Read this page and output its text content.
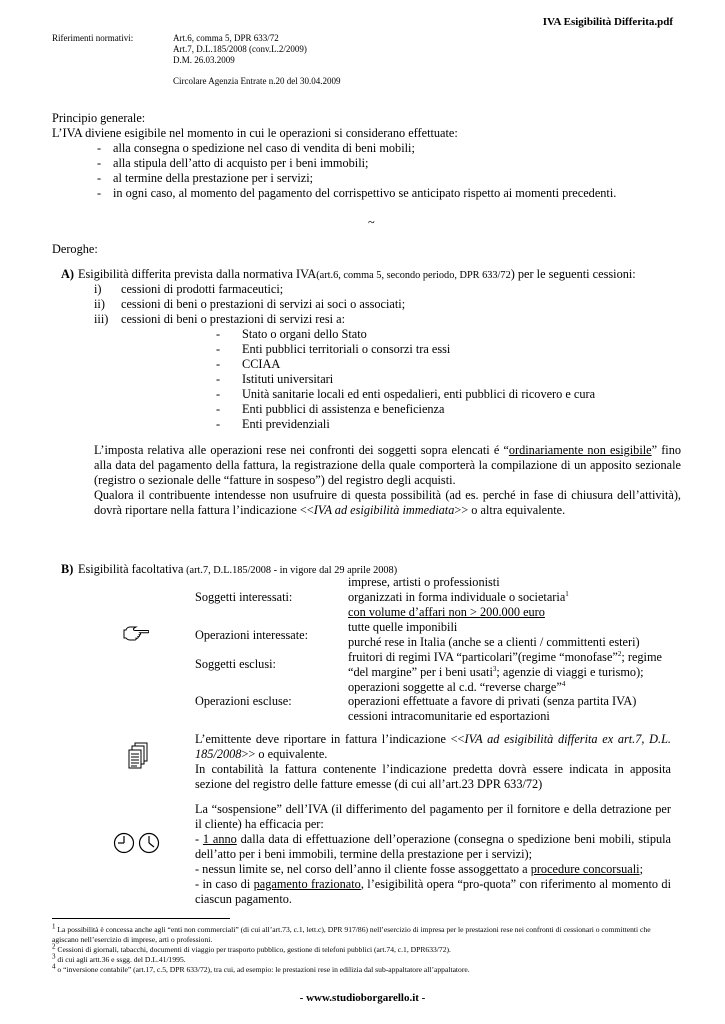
IVA Esigibilità Differita.pdf
Riferimenti normativi:	Art.6, comma 5, DPR 633/72
Art.7, D.L.185/2008 (conv.L.2/2009)
D.M. 26.03.2009
Circolare Agenzia Entrate n.20 del 30.04.2009
Principio generale:
L’IVA diviene esigibile nel momento in cui le operazioni si considerano effettuate:
- alla consegna o spedizione nel caso di vendita di beni mobili;
- alla stipula dell’atto di acquisto per i beni immobili;
- al termine della prestazione per i servizi;
- in ogni caso, al momento del pagamento del corrispettivo se anticipato rispetto ai momenti precedenti.
~
Deroghe:
A) Esigibilità differita prevista dalla normativa IVA(art.6, comma 5, secondo periodo, DPR 633/72) per le seguenti cessioni:
i) cessioni di prodotti farmaceutici;
ii) cessioni di beni o prestazioni di servizi ai soci o associati;
iii) cessioni di beni o prestazioni di servizi resi a:
- Stato o organi dello Stato
- Enti pubblici territoriali o consorzi tra essi
- CCIAA
- Istituti universitari
- Unità sanitarie locali ed enti ospedalieri, enti pubblici di ricovero e cura
- Enti pubblici di assistenza e beneficienza
- Enti previdenziali
L’imposta relativa alle operazioni rese nei confronti dei soggetti sopra elencati é “ordinariamente non esigibile” fino alla data del pagamento della fattura, la registrazione della quale comporterà la compilazione di un apposito sezionale (registro o sezionale delle “fatture in sospeso”) del registro degli acquisti.
Qualora il contribuente intendesse non usufruire di questa possibilità (ad es. perché in fase di chiusura dell’attività), dovrà riportare nella fattura l’indicazione <<IVA ad esigibilità immediata>> o altra equivalente.
B) Esigibilità facoltativa (art.7, D.L.185/2008 - in vigore dal 29 aprile 2008)
Soggetti interessati:
imprese, artisti o professionisti
organizzati in forma individuale o societaria$^1$
con volume d’affari non > 200.000 euro
Operazioni interessate:
tutte quelle imponibili
purché rese in Italia (anche se a clienti / committenti esteri)
Soggetti esclusi:	fruitori di regimi IVA “particolari”(regime “monofase”$^2$; regime
“del margine” per i beni usati$^3$; agenzie di viaggi e turismo);
operazioni soggette al c.d. “reverse charge”$^4$
Operazioni escluse:	operazioni effettuate a favore di privati (senza partita IVA)
cessioni intracomunitarie ed esportazioni
L’emittente deve riportare in fattura l’indicazione <<IVA ad esigibilità differita ex art.7, D.L. 185/2008>> o equivalente.
In contabilità la fattura contenente l’indicazione predetta dovrà essere indicata in apposita sezione del registro delle fatture emesse (di cui all’art.23 DPR 633/72)
La “sospensione” dell’IVA (il differimento del pagamento per il fornitore e della detrazione per il cliente) ha efficacia per:
- 1 anno dalla data di effettuazione dell’operazione (consegna o spedizione beni mobili, stipula dell’atto per i beni immobili, termine della prestazione per i servizi);
- nessun limite se, nel corso dell’anno il cliente fosse assoggettato a procedure concorsuali;
- in caso di pagamento frazionato, l’esigibilità opera “pro-quota” con riferimento al momento di ciascun pagamento.
$^1$ La possibilità è concessa anche agli “enti non commerciali” (di cui all’art.73, c.1, lett.c), DPR 917/86) nell’esercizio di impresa per le prestazioni rese nei confronti di cessionari o committenti che agiscano nell’esercizio di imprese, arti o professioni.
$^2$ Cessioni di giornali, tabacchi, documenti di viaggio per trasporto pubblico, gestione di telefoni pubblici (art.74, c.1, DPR633/72).
$^3$ di cui agli artt.36 e ssgg. del D.L.41/1995.
$^4$ o “inversione contabile” (art.17, c.5, DPR 633/72), tra cui, ad esempio: le prestazioni rese in edilizia dal sub-appaltatore all’appaltatore.
- www.studioborgarello.it -
